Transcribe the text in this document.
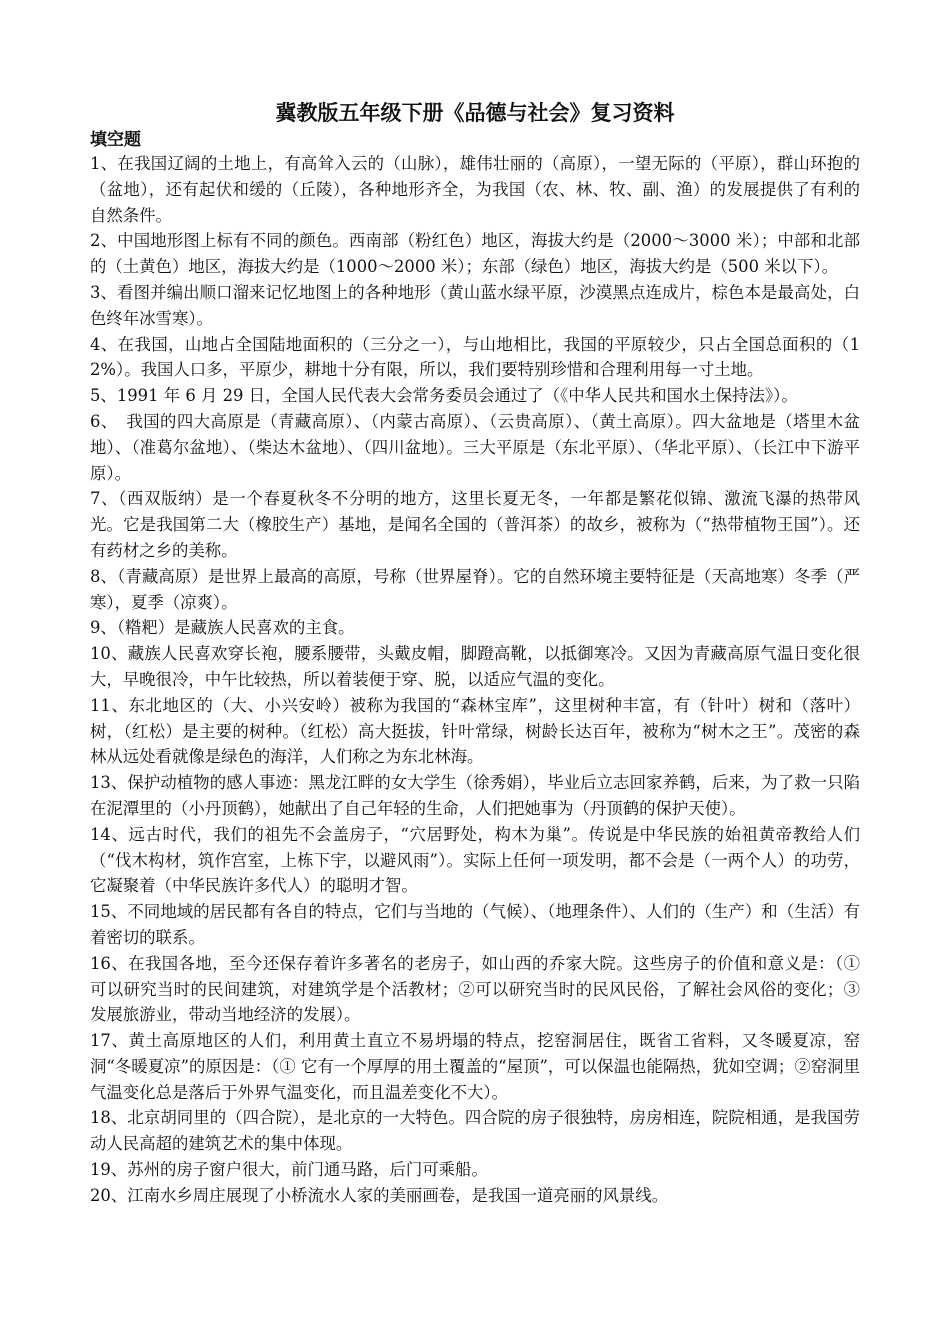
冀教版五年级下册《品德与社会》复习资料
填空题

1、在我国辽阔的土地上，有高耸入云的（山脉），雄伟壮丽的（高原），一望无际的（平原），群山环抱的（盆地），还有起伏和缓的（丘陵），各种地形齐全，为我国（农、林、牧、副、渔）的发展提供了有利的自然条件。

2、中国地形图上标有不同的颜色。西南部（粉红色）地区，海拔大约是（2000～3000 米）；中部和北部的（土黄色）地区，海拔大约是（1000～2000 米）；东部（绿色）地区，海拔大约是（500 米以下）。

3、看图并编出顺口溜来记忆地图上的各种地形（黄山蓝水绿平原，沙漠黑点连成片，棕色本是最高处，白色终年冰雪寒）。

4、在我国，山地占全国陆地面积的（三分之一），与山地相比，我国的平原较少，只占全国总面积的（12%）。我国人口多，平原少，耕地十分有限，所以，我们要特别珍惜和合理利用每一寸土地。

5、1991 年 6 月 29 日，全国人民代表大会常务委员会通过了（《中华人民共和国水土保持法》）。

6、　我国的四大高原是（青藏高原）、（内蒙古高原）、（云贵高原）、（黄土高原）。四大盆地是（塔里木盆地）、（准葛尔盆地）、（柴达木盆地）、（四川盆地）。三大平原是（东北平原）、（华北平原）、（长江中下游平原）。

7、（西双版纳）是一个春夏秋冬不分明的地方，这里长夏无冬，一年都是繁花似锦、激流飞瀑的热带风光。它是我国第二大（橡胶生产）基地，是闻名全国的（普洱茶）的故乡，被称为（“热带植物王国”）。还有药材之乡的美称。

8、（青藏高原）是世界上最高的高原，号称（世界屋脊）。它的自然环境主要特征是（天高地寒）冬季（严寒），夏季（凉爽）。

9、（糌粑）是藏族人民喜欢的主食。

10、藏族人民喜欢穿长袍，腰系腰带，头戴皮帽，脚蹬高靴，以抵御寒冷。又因为青藏高原气温日变化很大，早晚很冷，中午比较热，所以着装便于穿、脱，以适应气温的变化。

11、东北地区的（大、小兴安岭）被称为我国的“森林宝库”，这里树种丰富，有（针叶）树和（落叶）树，（红松）是主要的树种。（红松）高大挺拔，针叶常绿，树龄长达百年，被称为“树木之王”。茂密的森林从远处看就像是绿色的海洋，人们称之为东北林海。

13、保护动植物的感人事迹：黑龙江畔的女大学生（徐秀娟），毕业后立志回家养鹤，后来，为了救一只陷在泥潭里的（小丹顶鹤），她献出了自己年轻的生命，人们把她事为（丹顶鹤的保护天使）。

14、远古时代，我们的祖先不会盖房子，“穴居野处，构木为巢”。传说是中华民族的始祖黄帝教给人们（“伐木构材，筑作宫室，上栋下宇，以避风雨”）。实际上任何一项发明，都不会是（一两个人）的功劳，它凝聚着（中华民族许多代人）的聪明才智。

15、不同地域的居民都有各自的特点，它们与当地的（气候）、（地理条件）、人们的（生产）和（生活）有着密切的联系。

16、在我国各地，至今还保存着许多著名的老房子，如山西的乔家大院。这些房子的价值和意义是：（① 可以研究当时的民间建筑，对建筑学是个活教材；②可以研究当时的民风民俗，了解社会风俗的变化；③发展旅游业，带动当地经济的发展）。

17、黄土高原地区的人们，利用黄土直立不易坍塌的特点，挖窑洞居住，既省工省料，又冬暖夏凉，窑洞“冬暖夏凉”的原因是：（① 它有一个厚厚的用土覆盖的“屋顶”，可以保温也能隔热，犹如空调；②窑洞里气温变化总是落后于外界气温变化，而且温差变化不大）。

18、北京胡同里的（四合院），是北京的一大特色。四合院的房子很独特，房房相连，院院相通，是我国劳动人民高超的建筑艺术的集中体现。

19、苏州的房子窗户很大，前门通马路，后门可乘船。

20、江南水乡周庄展现了小桥流水人家的美丽画卷，是我国一道亮丽的风景线。
